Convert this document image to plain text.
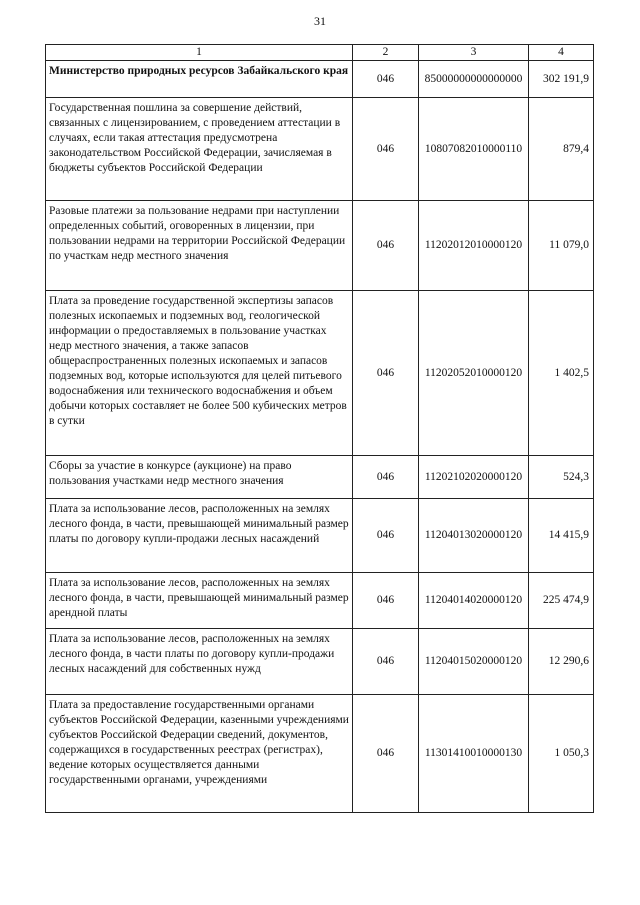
31
1	2	3	4
Министерство природных ресурсов Забайкальского края	046	85000000000000000	302 191,9
Государственная пошлина за совершение действий, связанных с лицензированием, с проведением аттестации в случаях, если такая аттестация предусмотрена законодательством Российской Федерации, зачисляемая в бюджеты субъектов Российской Федерации	046	10807082010000110	879,4
Разовые платежи за пользование недрами при наступлении определенных событий, оговоренных в лицензии, при пользовании недрами на территории Российской Федерации по участкам недр местного значения	046	11202012010000120	11 079,0
Плата за проведение государственной экспертизы запасов полезных ископаемых и подземных вод, геологической информации о предоставляемых в пользование участках недр местного значения, а также запасов общераспространенных полезных ископаемых и запасов подземных вод, которые используются для целей питьевого водоснабжения или технического водоснабжения и объем добычи которых составляет не более 500 кубических метров в сутки	046	11202052010000120	1 402,5
Сборы за участие в конкурсе (аукционе) на право пользования участками недр местного значения	046	11202102020000120	524,3
Плата за использование лесов, расположенных на землях лесного фонда, в части, превышающей минимальный размер платы по договору купли-продажи лесных насаждений	046	11204013020000120	14 415,9
Плата за использование лесов, расположенных на землях лесного фонда, в части, превышающей минимальный размер арендной платы	046	11204014020000120	225 474,9
Плата за использование лесов, расположенных на землях лесного фонда, в части платы по договору купли-продажи лесных насаждений для собственных нужд	046	11204015020000120	12 290,6
Плата за предоставление государственными органами субъектов Российской Федерации, казенными учреждениями субъектов Российской Федерации сведений, документов, содержащихся в государственных реестрах (регистрах), ведение которых осуществляется данными государственными органами, учреждениями	046	11301410010000130	1 050,3
